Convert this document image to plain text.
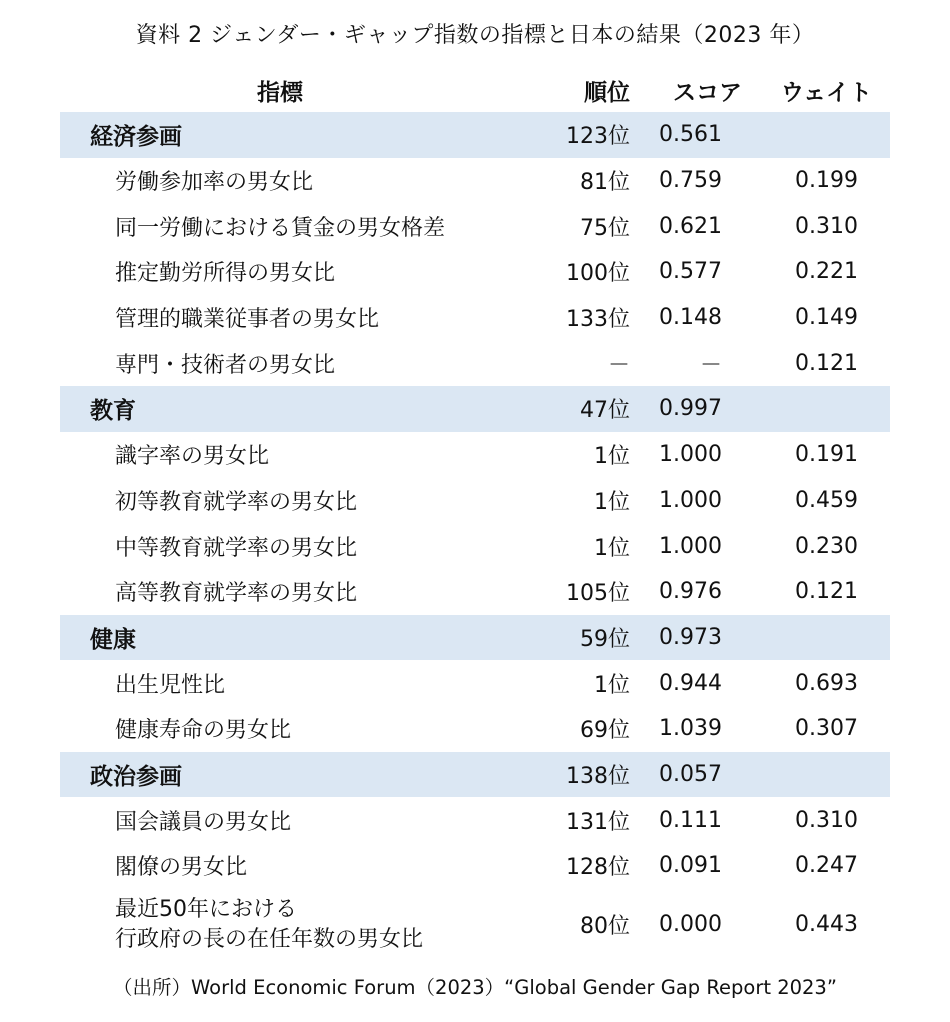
資料 2 ジェンダー・ギャップ指数の指標と日本の結果（2023 年）
指標	順位	スコア	ウェイト
経済参画	123位	0.561	
労働参加率の男女比	81位	0.759	0.199
同一労働における賃金の男女格差	75位	0.621	0.310
推定勤労所得の男女比	100位	0.577	0.221
管理的職業従事者の男女比	133位	0.148	0.149
専門・技術者の男女比	－	－	0.121
教育	47位	0.997	
識字率の男女比	1位	1.000	0.191
初等教育就学率の男女比	1位	1.000	0.459
中等教育就学率の男女比	1位	1.000	0.230
高等教育就学率の男女比	105位	0.976	0.121
健康	59位	0.973	
出生児性比	1位	0.944	0.693
健康寿命の男女比	69位	1.039	0.307
政治参画	138位	0.057	
国会議員の男女比	131位	0.111	0.310
閣僚の男女比	128位	0.091	0.247
最近50年における
行政府の長の在任年数の男女比	80位	0.000	0.443
（出所）World Economic Forum（2023）“Global Gender Gap Report 2023”
